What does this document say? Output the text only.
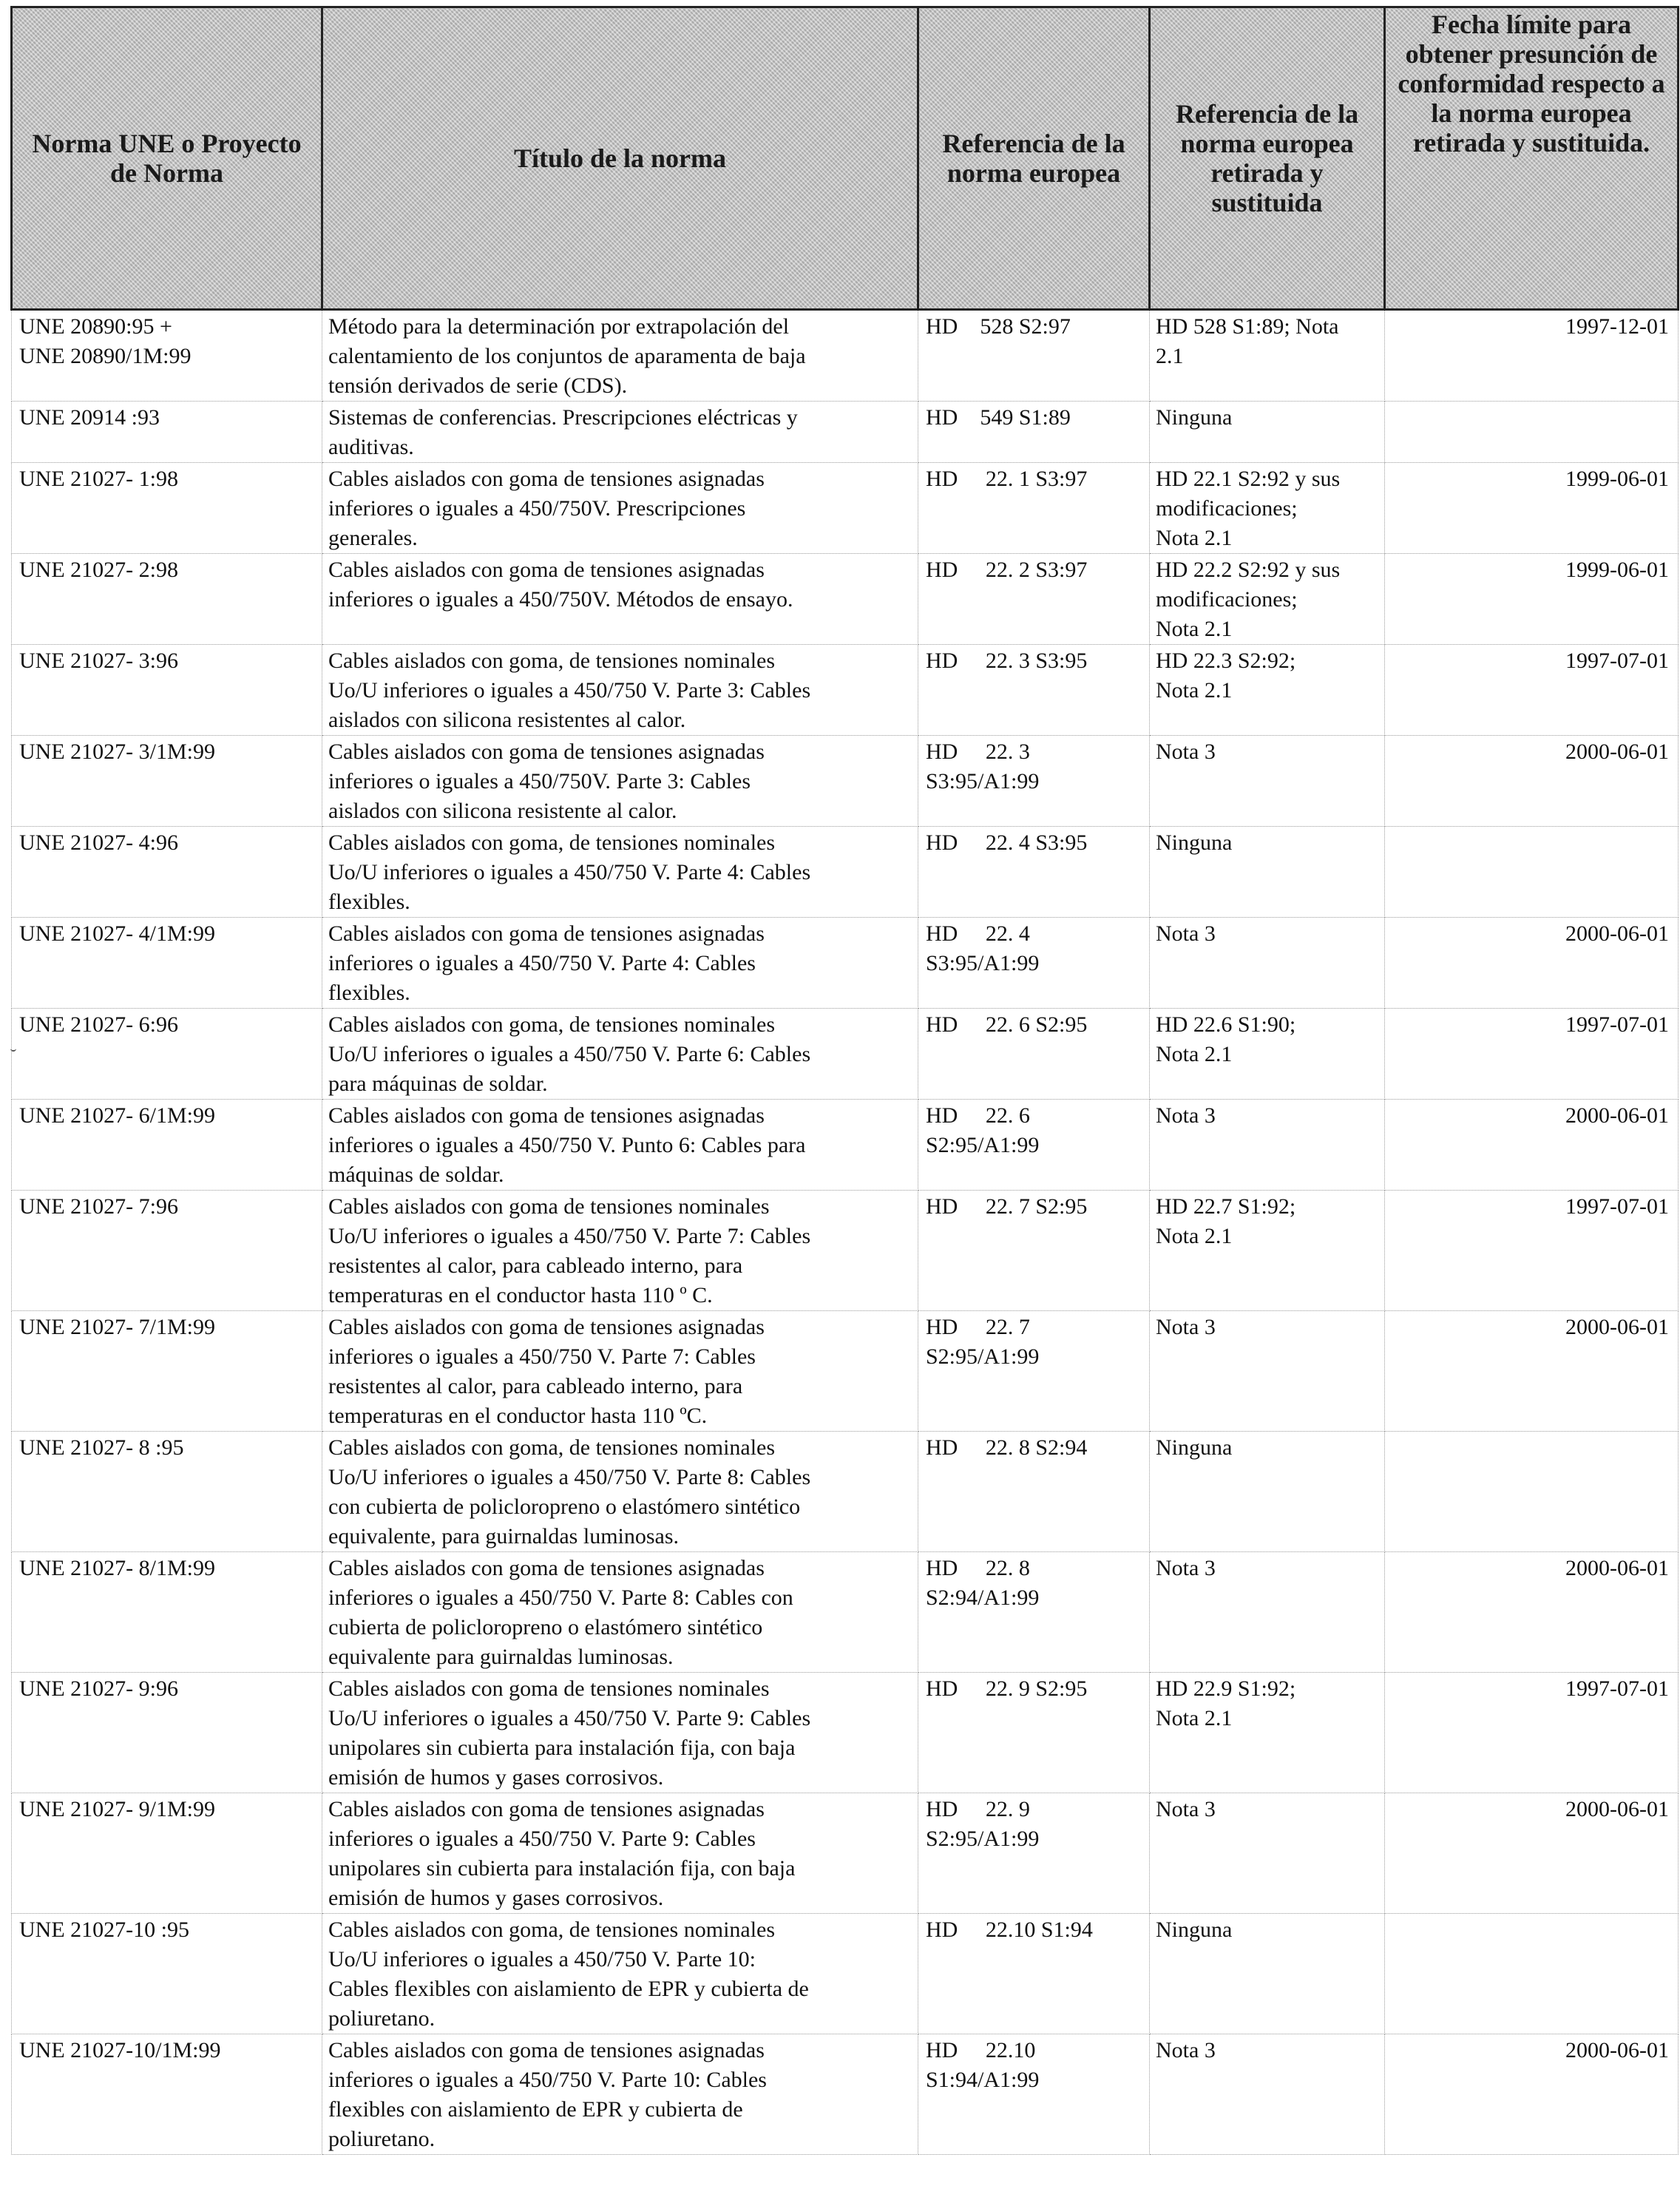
Norma UNE o Proyecto de Norma	Título de la norma	Referencia de la norma europea	Referencia de la norma europea retirada y sustituida	Fecha límite para obtener presunción de conformidad respecto a la norma europea retirada y sustituida.

UNE 20890:95 +
UNE 20890/1M:99	Método para la determinación por extrapolación del
calentamiento de los conjuntos de aparamenta de baja
tensión derivados de serie (CDS).	HD    528 S2:97	HD 528 S1:89; Nota
2.1	1997-12-01

UNE 20914 :93	Sistemas de conferencias. Prescripciones eléctricas y
auditivas.	HD    549 S1:89	Ninguna	

UNE 21027- 1:98	Cables aislados con goma de tensiones asignadas
inferiores o iguales a 450/750V. Prescripciones
generales.	HD     22. 1 S3:97	HD 22.1 S2:92 y sus
modificaciones;
Nota 2.1	1999-06-01

UNE 21027- 2:98	Cables aislados con goma de tensiones asignadas
inferiores o iguales a 450/750V. Métodos de ensayo.	HD     22. 2 S3:97	HD 22.2 S2:92 y sus
modificaciones;
Nota 2.1	1999-06-01

UNE 21027- 3:96	Cables aislados con goma, de tensiones nominales
Uo/U inferiores o iguales a 450/750 V. Parte 3: Cables
aislados con silicona resistentes al calor.	HD     22. 3 S3:95	HD 22.3 S2:92;
Nota 2.1	1997-07-01

UNE 21027- 3/1M:99	Cables aislados con goma de tensiones asignadas
inferiores o iguales a 450/750V. Parte 3: Cables
aislados con silicona resistente al calor.	HD     22. 3
S3:95/A1:99	Nota 3	2000-06-01

UNE 21027- 4:96	Cables aislados con goma, de tensiones nominales
Uo/U inferiores o iguales a 450/750 V. Parte 4: Cables
flexibles.	HD     22. 4 S3:95	Ninguna	

UNE 21027- 4/1M:99	Cables aislados con goma de tensiones asignadas
inferiores o iguales a 450/750 V. Parte 4: Cables
flexibles.	HD     22. 4
S3:95/A1:99	Nota 3	2000-06-01

UNE 21027- 6:96	Cables aislados con goma, de tensiones nominales
Uo/U inferiores o iguales a 450/750 V. Parte 6: Cables
para máquinas de soldar.	HD     22. 6 S2:95	HD 22.6 S1:90;
Nota 2.1	1997-07-01

UNE 21027- 6/1M:99	Cables aislados con goma de tensiones asignadas
inferiores o iguales a 450/750 V. Punto 6: Cables para
máquinas de soldar.	HD     22. 6
S2:95/A1:99	Nota 3	2000-06-01

UNE 21027- 7:96	Cables aislados con goma de tensiones nominales
Uo/U inferiores o iguales a 450/750 V. Parte 7: Cables
resistentes al calor, para cableado interno, para
temperaturas en el conductor hasta 110 º C.	HD     22. 7 S2:95	HD 22.7 S1:92;
Nota 2.1	1997-07-01

UNE 21027- 7/1M:99	Cables aislados con goma de tensiones asignadas
inferiores o iguales a 450/750 V. Parte 7: Cables
resistentes al calor, para cableado interno, para
temperaturas en el conductor hasta 110 ºC.	HD     22. 7
S2:95/A1:99	Nota 3	2000-06-01

UNE 21027- 8 :95	Cables aislados con goma, de tensiones nominales
Uo/U inferiores o iguales a 450/750 V. Parte 8: Cables
con cubierta de policloropreno o elastómero sintético
equivalente, para guirnaldas luminosas.	HD     22. 8 S2:94	Ninguna	

UNE 21027- 8/1M:99	Cables aislados con goma de tensiones asignadas
inferiores o iguales a 450/750 V. Parte 8: Cables con
cubierta de policloropreno o elastómero sintético
equivalente para guirnaldas luminosas.	HD     22. 8
S2:94/A1:99	Nota 3	2000-06-01

UNE 21027- 9:96	Cables aislados con goma de tensiones nominales
Uo/U inferiores o iguales a 450/750 V. Parte 9: Cables
unipolares sin cubierta para instalación fija, con baja
emisión de humos y gases corrosivos.	HD     22. 9 S2:95	HD 22.9 S1:92;
Nota 2.1	1997-07-01

UNE 21027- 9/1M:99	Cables aislados con goma de tensiones asignadas
inferiores o iguales a 450/750 V. Parte 9: Cables
unipolares sin cubierta para instalación fija, con baja
emisión de humos y gases corrosivos.	HD     22. 9
S2:95/A1:99	Nota 3	2000-06-01

UNE 21027-10 :95	Cables aislados con goma, de tensiones nominales
Uo/U inferiores o iguales a 450/750 V. Parte 10:
Cables flexibles con aislamiento de EPR y cubierta de
poliuretano.	HD     22.10 S1:94	Ninguna	

UNE 21027-10/1M:99	Cables aislados con goma de tensiones asignadas
inferiores o iguales a 450/750 V. Parte 10: Cables
flexibles con aislamiento de EPR y cubierta de
poliuretano.	HD     22.10
S1:94/A1:99	Nota 3	2000-06-01
